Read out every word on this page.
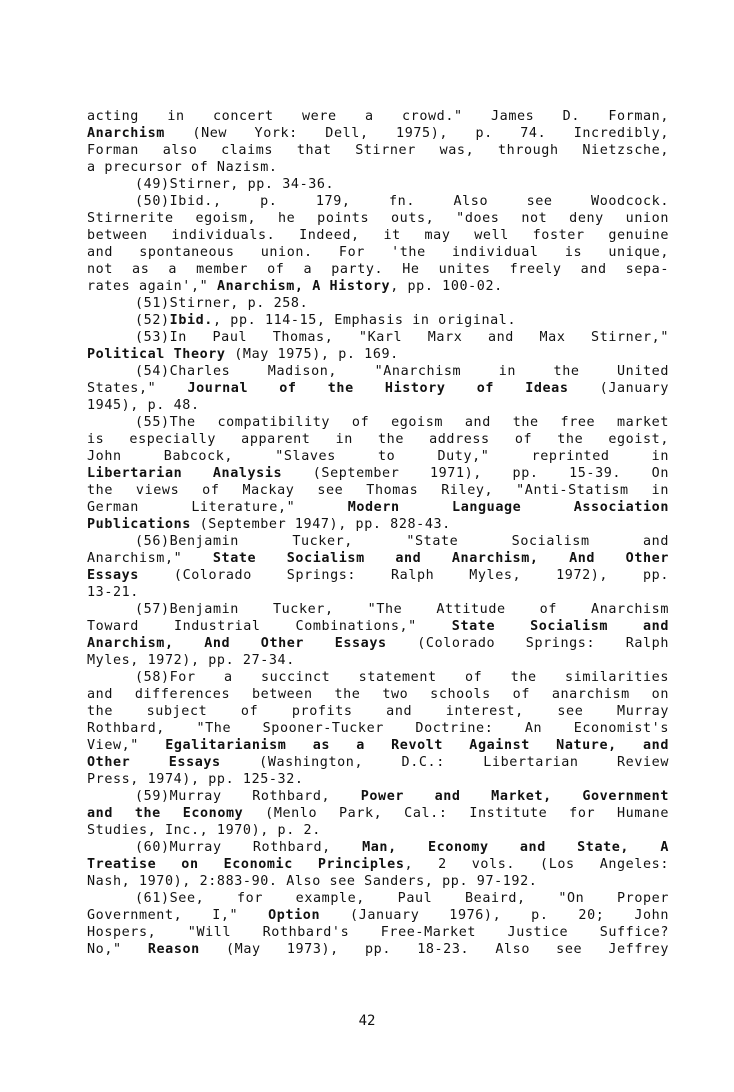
acting in concert were a crowd." James D. Forman,
Anarchism (New York: Dell, 1975), p. 74. Incredibly,
Forman also claims that Stirner was, through Nietzsche,
a precursor of Nazism.
(49)Stirner, pp. 34-36.
(50)Ibid., p. 179, fn. Also see Woodcock.
Stirnerite egoism, he points outs, "does not deny union
between individuals. Indeed, it may well foster genuine
and spontaneous union. For 'the individual is unique,
not as a member of a party. He unites freely and sepa-
rates again'," Anarchism, A History, pp. 100-02.
(51)Stirner, p. 258.
(52)Ibid., pp. 114-15, Emphasis in original.
(53)In Paul Thomas, "Karl Marx and Max Stirner,"
Political Theory (May 1975), p. 169.
(54)Charles Madison, "Anarchism in the United
States," Journal of the History of Ideas (January
1945), p. 48.
(55)The compatibility of egoism and the free market
is especially apparent in the address of the egoist,
John Babcock, "Slaves to Duty," reprinted in
Libertarian Analysis (September 1971), pp. 15-39. On
the views of Mackay see Thomas Riley, "Anti-Statism in
German Literature," Modern Language Association
Publications (September 1947), pp. 828-43.
(56)Benjamin Tucker, "State Socialism and
Anarchism," State Socialism and Anarchism, And Other
Essays (Colorado Springs: Ralph Myles, 1972), pp.
13-21.
(57)Benjamin Tucker, "The Attitude of Anarchism
Toward Industrial Combinations," State Socialism and
Anarchism, And Other Essays (Colorado Springs: Ralph
Myles, 1972), pp. 27-34.
(58)For a succinct statement of the similarities
and differences between the two schools of anarchism on
the subject of profits and interest, see Murray
Rothbard, "The Spooner-Tucker Doctrine: An Economist's
View," Egalitarianism as a Revolt Against Nature, and
Other Essays (Washington, D.C.: Libertarian Review
Press, 1974), pp. 125-32.
(59)Murray Rothbard, Power and Market, Government
and the Economy (Menlo Park, Cal.: Institute for Humane
Studies, Inc., 1970), p. 2.
(60)Murray Rothbard, Man, Economy and State, A
Treatise on Economic Principles, 2 vols. (Los Angeles:
Nash, 1970), 2:883-90. Also see Sanders, pp. 97-192.
(61)See, for example, Paul Beaird, "On Proper
Government, I," Option (January 1976), p. 20; John
Hospers, "Will Rothbard's Free-Market Justice Suffice?
No," Reason (May 1973), pp. 18-23. Also see Jeffrey
42
